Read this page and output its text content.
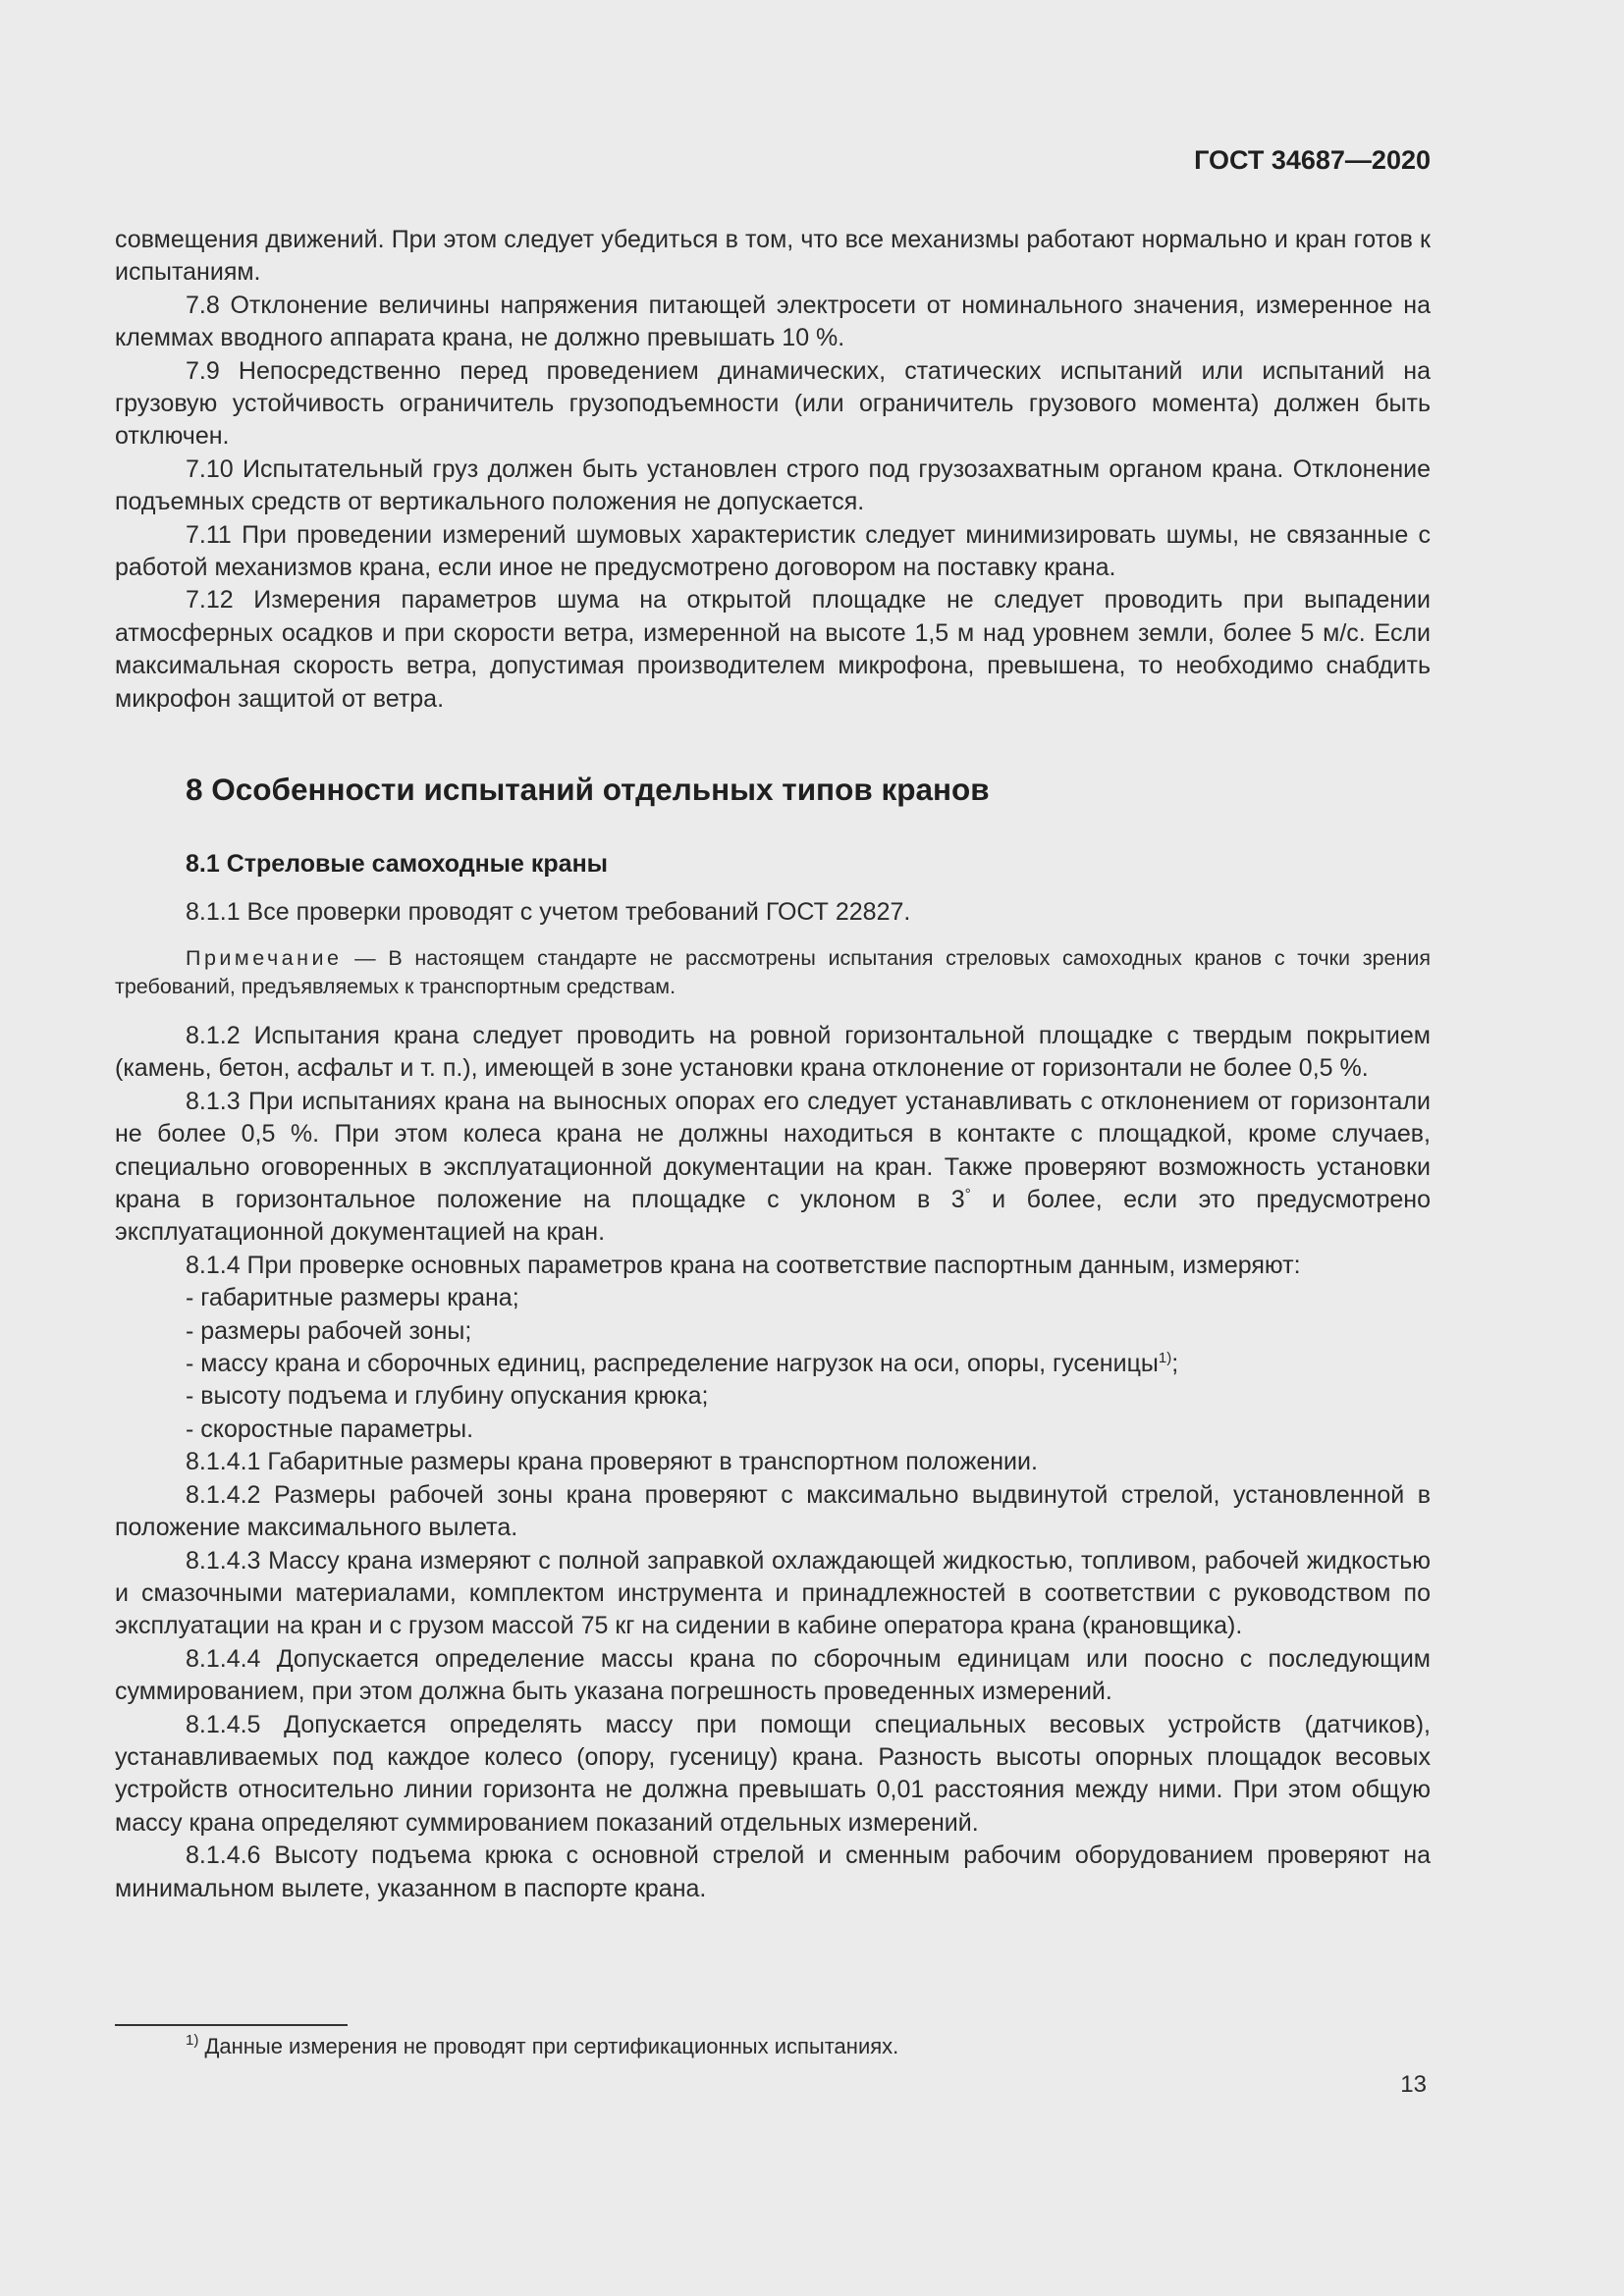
ГОСТ 34687—2020

совмещения движений. При этом следует убедиться в том, что все механизмы работают нормально и кран готов к испытаниям.

7.8 Отклонение величины напряжения питающей электросети от номинального значения, измеренное на клеммах вводного аппарата крана, не должно превышать 10 %.

7.9 Непосредственно перед проведением динамических, статических испытаний или испытаний на грузовую устойчивость ограничитель грузоподъемности (или ограничитель грузового момента) должен быть отключен.

7.10 Испытательный груз должен быть установлен строго под грузозахватным органом крана. Отклонение подъемных средств от вертикального положения не допускается.

7.11 При проведении измерений шумовых характеристик следует минимизировать шумы, не связанные с работой механизмов крана, если иное не предусмотрено договором на поставку крана.

7.12 Измерения параметров шума на открытой площадке не следует проводить при выпадении атмосферных осадков и при скорости ветра, измеренной на высоте 1,5 м над уровнем земли, более 5 м/с. Если максимальная скорость ветра, допустимая производителем микрофона, превышена, то необходимо снабдить микрофон защитой от ветра.

8 Особенности испытаний отдельных типов кранов
8.1 Стреловые самоходные краны

8.1.1 Все проверки проводят с учетом требований ГОСТ 22827.

Примечание — В настоящем стандарте не рассмотрены испытания стреловых самоходных кранов с точки зрения требований, предъявляемых к транспортным средствам.

8.1.2 Испытания крана следует проводить на ровной горизонтальной площадке с твердым покрытием (камень, бетон, асфальт и т. п.), имеющей в зоне установки крана отклонение от горизонтали не более 0,5 %.

8.1.3 При испытаниях крана на выносных опорах его следует устанавливать с отклонением от горизонтали не более 0,5 %. При этом колеса крана не должны находиться в контакте с площадкой, кроме случаев, специально оговоренных в эксплуатационной документации на кран. Также проверяют возможность установки крана в горизонтальное положение на площадке с уклоном в 3° и более, если это предусмотрено эксплуатационной документацией на кран.

8.1.4 При проверке основных параметров крана на соответствие паспортным данным, измеряют:

- габаритные размеры крана;

- размеры рабочей зоны;

- массу крана и сборочных единиц, распределение нагрузок на оси, опоры, гусеницы$^{1)}$;

- высоту подъема и глубину опускания крюка;

- скоростные параметры.

8.1.4.1 Габаритные размеры крана проверяют в транспортном положении.

8.1.4.2 Размеры рабочей зоны крана проверяют с максимально выдвинутой стрелой, установленной в положение максимального вылета.

8.1.4.3 Массу крана измеряют с полной заправкой охлаждающей жидкостью, топливом, рабочей жидкостью и смазочными материалами, комплектом инструмента и принадлежностей в соответствии с руководством по эксплуатации на кран и с грузом массой 75 кг на сидении в кабине оператора крана (крановщика).

8.1.4.4 Допускается определение массы крана по сборочным единицам или поосно с последующим суммированием, при этом должна быть указана погрешность проведенных измерений.

8.1.4.5 Допускается определять массу при помощи специальных весовых устройств (датчиков), устанавливаемых под каждое колесо (опору, гусеницу) крана. Разность высоты опорных площадок весовых устройств относительно линии горизонта не должна превышать 0,01 расстояния между ними. При этом общую массу крана определяют суммированием показаний отдельных измерений.

8.1.4.6 Высоту подъема крюка с основной стрелой и сменным рабочим оборудованием проверяют на минимальном вылете, указанном в паспорте крана.

$^{1)}$ Данные измерения не проводят при сертификационных испытаниях.
13
